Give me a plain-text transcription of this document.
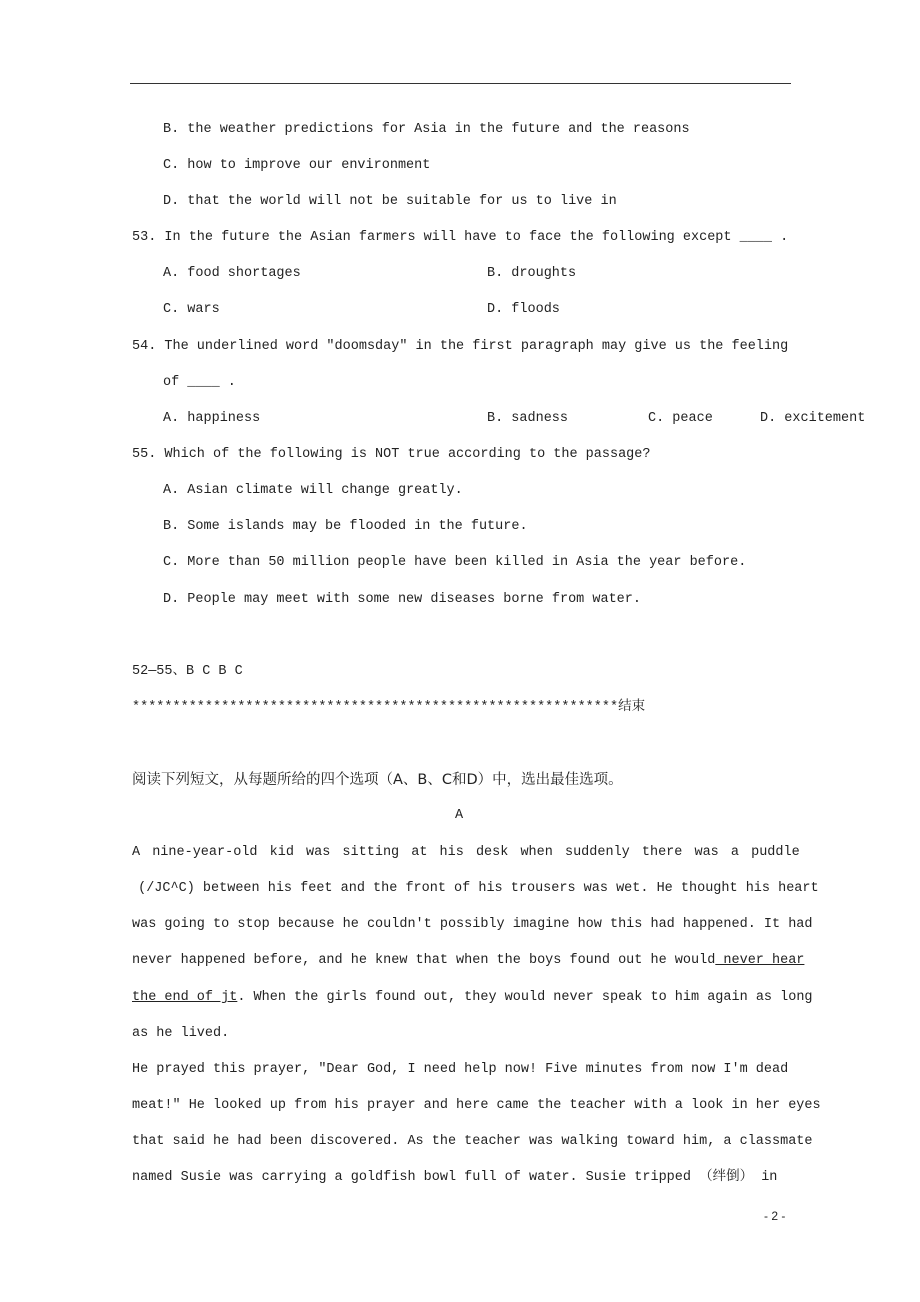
B. the weather predictions for Asia in the future and the reasons
C. how to improve our environment
D. that the world will not be suitable for us to live in
53. In the future the Asian farmers will have to face the following except ____ .
A. food shortages	B. droughts
C. wars	D. floods
54. The underlined word "doomsday" in the first paragraph may give us the feeling
of ____ .
A. happiness	B. sadness	C. peace	D. excitement
55. Which of the following is NOT true according to the passage?
A. Asian climate will change greatly.
B. Some islands may be flooded in the future.
C. More than 50 million people have been killed in Asia the year before.
D. People may meet with some new diseases borne from water.
52—55、B C B C
************************************************************结束
阅读下列短文，从每题所给的四个选项（A、B、C和D）中，选出最佳选项。
A
A nine-year-old kid was sitting at his desk when suddenly there was a puddle
(/JC^C) between his feet and the front of his trousers was wet. He thought his heart
was going to stop because he couldn't possibly imagine how this had happened. It had
never happened before, and he knew that when the boys found out he would never hear
the end of jt. When the girls found out, they would never speak to him again as long
as he lived.
He prayed this prayer, "Dear God, I need help now! Five minutes from now I'm dead
meat!" He looked up from his prayer and here came the teacher with a look in her eyes
that said he had been discovered. As the teacher was walking toward him, a classmate
named Susie was carrying a goldfish bowl full of water. Susie tripped （绊倒） in
- 2 -
